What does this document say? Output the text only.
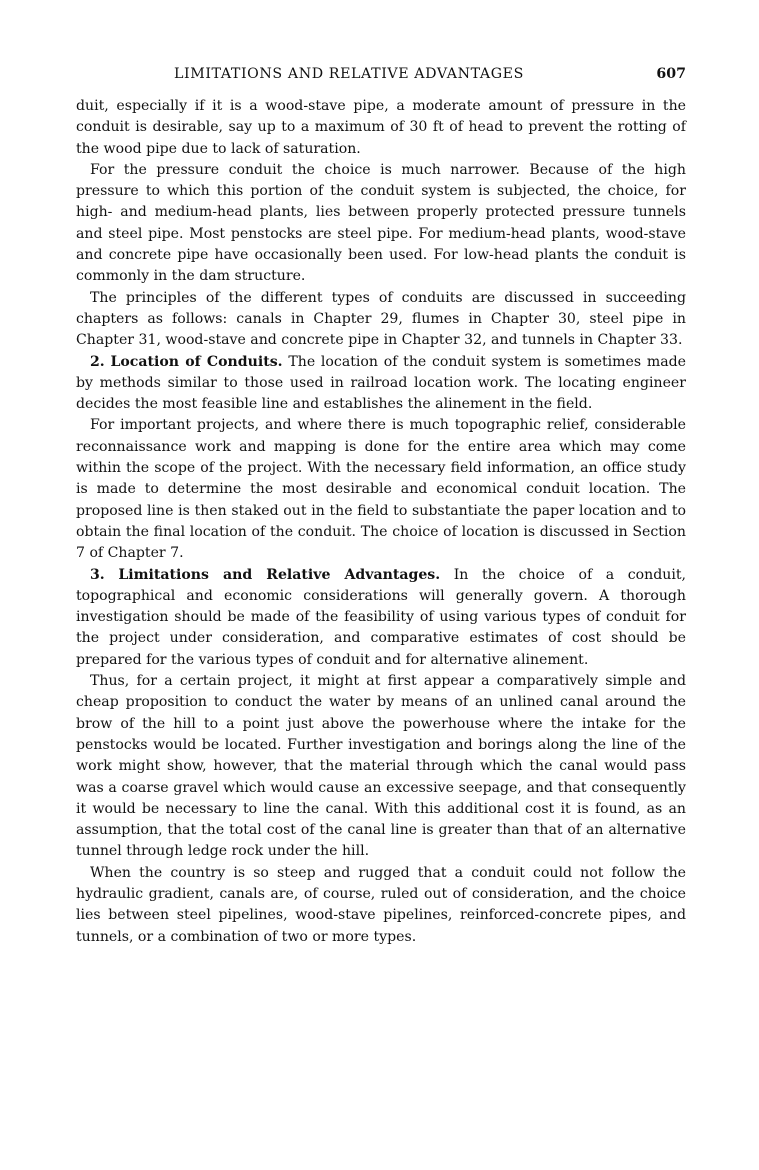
LIMITATIONS AND RELATIVE ADVANTAGES	607

duit, especially if it is a wood-stave pipe, a moderate amount of pressure in the conduit is desirable, say up to a maximum of 30 ft of head to prevent the rotting of the wood pipe due to lack of saturation.

For the pressure conduit the choice is much narrower. Because of the high pressure to which this portion of the conduit system is subjected, the choice, for high- and medium-head plants, lies between properly protected pressure tunnels and steel pipe. Most penstocks are steel pipe. For medium-head plants, wood-stave and concrete pipe have occasionally been used. For low-head plants the conduit is commonly in the dam structure.

The principles of the different types of conduits are discussed in succeeding chapters as follows: canals in Chapter 29, flumes in Chapter 30, steel pipe in Chapter 31, wood-stave and concrete pipe in Chapter 32, and tunnels in Chapter 33.

2. Location of Conduits. The location of the conduit system is sometimes made by methods similar to those used in railroad location work. The locating engineer decides the most feasible line and establishes the alinement in the field.

For important projects, and where there is much topographic relief, considerable reconnaissance work and mapping is done for the entire area which may come within the scope of the project. With the necessary field information, an office study is made to determine the most desirable and economical conduit location. The proposed line is then staked out in the field to substantiate the paper location and to obtain the final location of the conduit. The choice of location is discussed in Section 7 of Chapter 7.

3. Limitations and Relative Advantages. In the choice of a conduit, topographical and economic considerations will generally govern. A thorough investigation should be made of the feasibility of using various types of conduit for the project under consideration, and comparative estimates of cost should be prepared for the various types of conduit and for alternative alinement.

Thus, for a certain project, it might at first appear a comparatively simple and cheap proposition to conduct the water by means of an unlined canal around the brow of the hill to a point just above the powerhouse where the intake for the penstocks would be located. Further investigation and borings along the line of the work might show, however, that the material through which the canal would pass was a coarse gravel which would cause an excessive seepage, and that consequently it would be necessary to line the canal. With this additional cost it is found, as an assumption, that the total cost of the canal line is greater than that of an alternative tunnel through ledge rock under the hill.

When the country is so steep and rugged that a conduit could not follow the hydraulic gradient, canals are, of course, ruled out of consideration, and the choice lies between steel pipelines, wood-stave pipelines, reinforced-concrete pipes, and tunnels, or a combination of two or more types.
